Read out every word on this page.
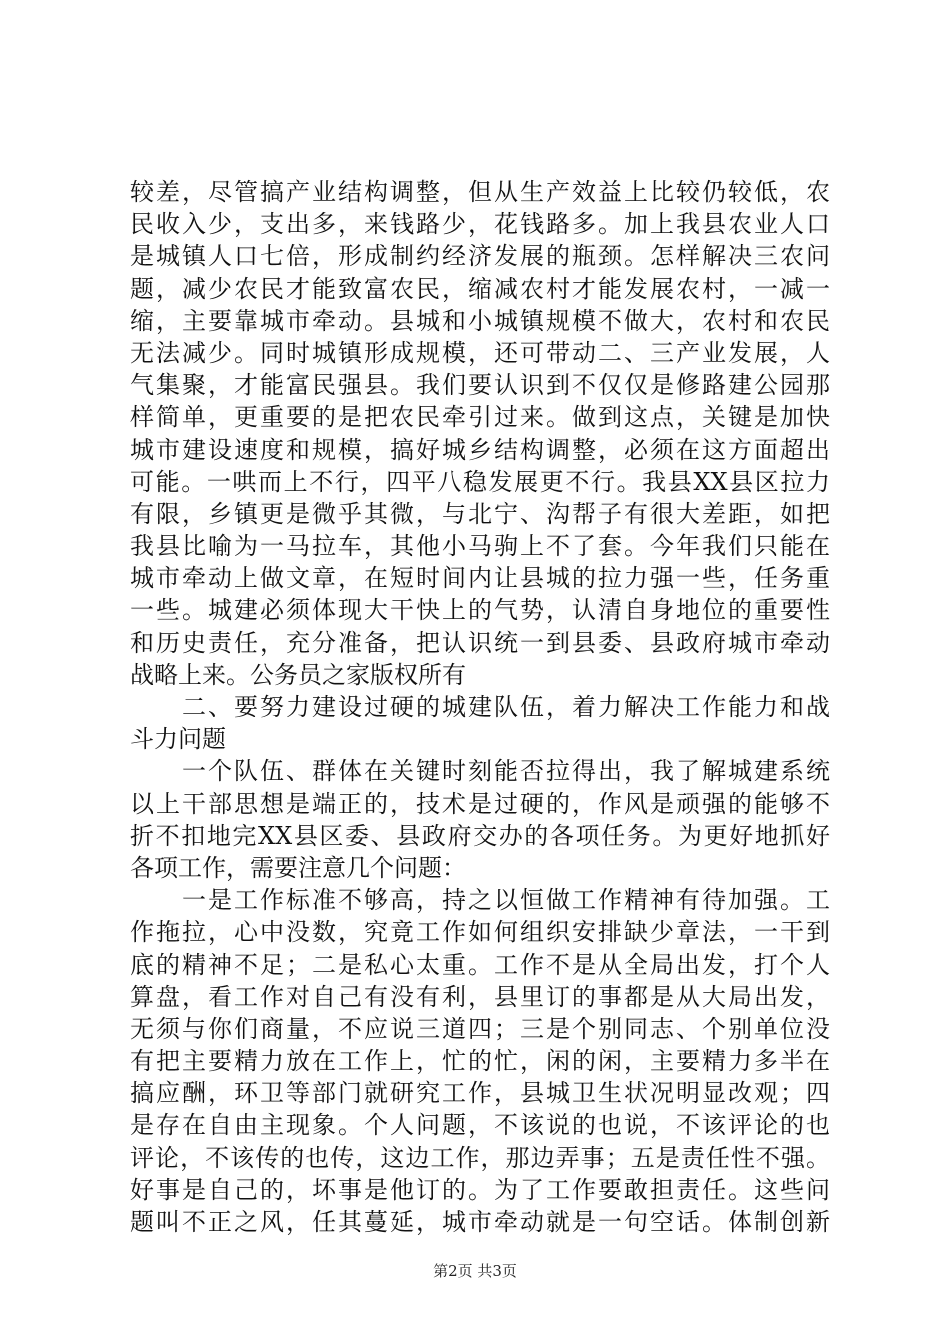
较差，尽管搞产业结构调整，但从生产效益上比较仍较低，农
民收入少，支出多，来钱路少，花钱路多。加上我县农业人口
是城镇人口七倍，形成制约经济发展的瓶颈。怎样解决三农问
题，减少农民才能致富农民，缩减农村才能发展农村，一减一
缩，主要靠城市牵动。县城和小城镇规模不做大，农村和农民
无法减少。同时城镇形成规模，还可带动二、三产业发展，人
气集聚，才能富民强县。我们要认识到不仅仅是修路建公园那
样简单，更重要的是把农民牵引过来。做到这点，关键是加快
城市建设速度和规模，搞好城乡结构调整，必须在这方面超出
可能。一哄而上不行，四平八稳发展更不行。我县XX县区拉力
有限，乡镇更是微乎其微，与北宁、沟帮子有很大差距，如把
我县比喻为一马拉车，其他小马驹上不了套。今年我们只能在
城市牵动上做文章，在短时间内让县城的拉力强一些，任务重
一些。城建必须体现大干快上的气势，认清自身地位的重要性
和历史责任，充分准备，把认识统一到县委、县政府城市牵动
战略上来。公务员之家版权所有
二、要努力建设过硬的城建队伍，着力解决工作能力和战
斗力问题
一个队伍、群体在关键时刻能否拉得出，我了解城建系统
以上干部思想是端正的，技术是过硬的，作风是顽强的能够不
折不扣地完XX县区委、县政府交办的各项任务。为更好地抓好
各项工作，需要注意几个问题：
一是工作标准不够高，持之以恒做工作精神有待加强。工
作拖拉，心中没数，究竟工作如何组织安排缺少章法，一干到
底的精神不足；二是私心太重。工作不是从全局出发，打个人
算盘，看工作对自己有没有利，县里订的事都是从大局出发，
无须与你们商量，不应说三道四；三是个别同志、个别单位没
有把主要精力放在工作上，忙的忙，闲的闲，主要精力多半在
搞应酬，环卫等部门就研究工作，县城卫生状况明显改观；四
是存在自由主现象。个人问题，不该说的也说，不该评论的也
评论，不该传的也传，这边工作，那边弄事；五是责任性不强。
好事是自己的，坏事是他订的。为了工作要敢担责任。这些问
题叫不正之风，任其蔓延，城市牵动就是一句空话。体制创新
第2页 共3页
